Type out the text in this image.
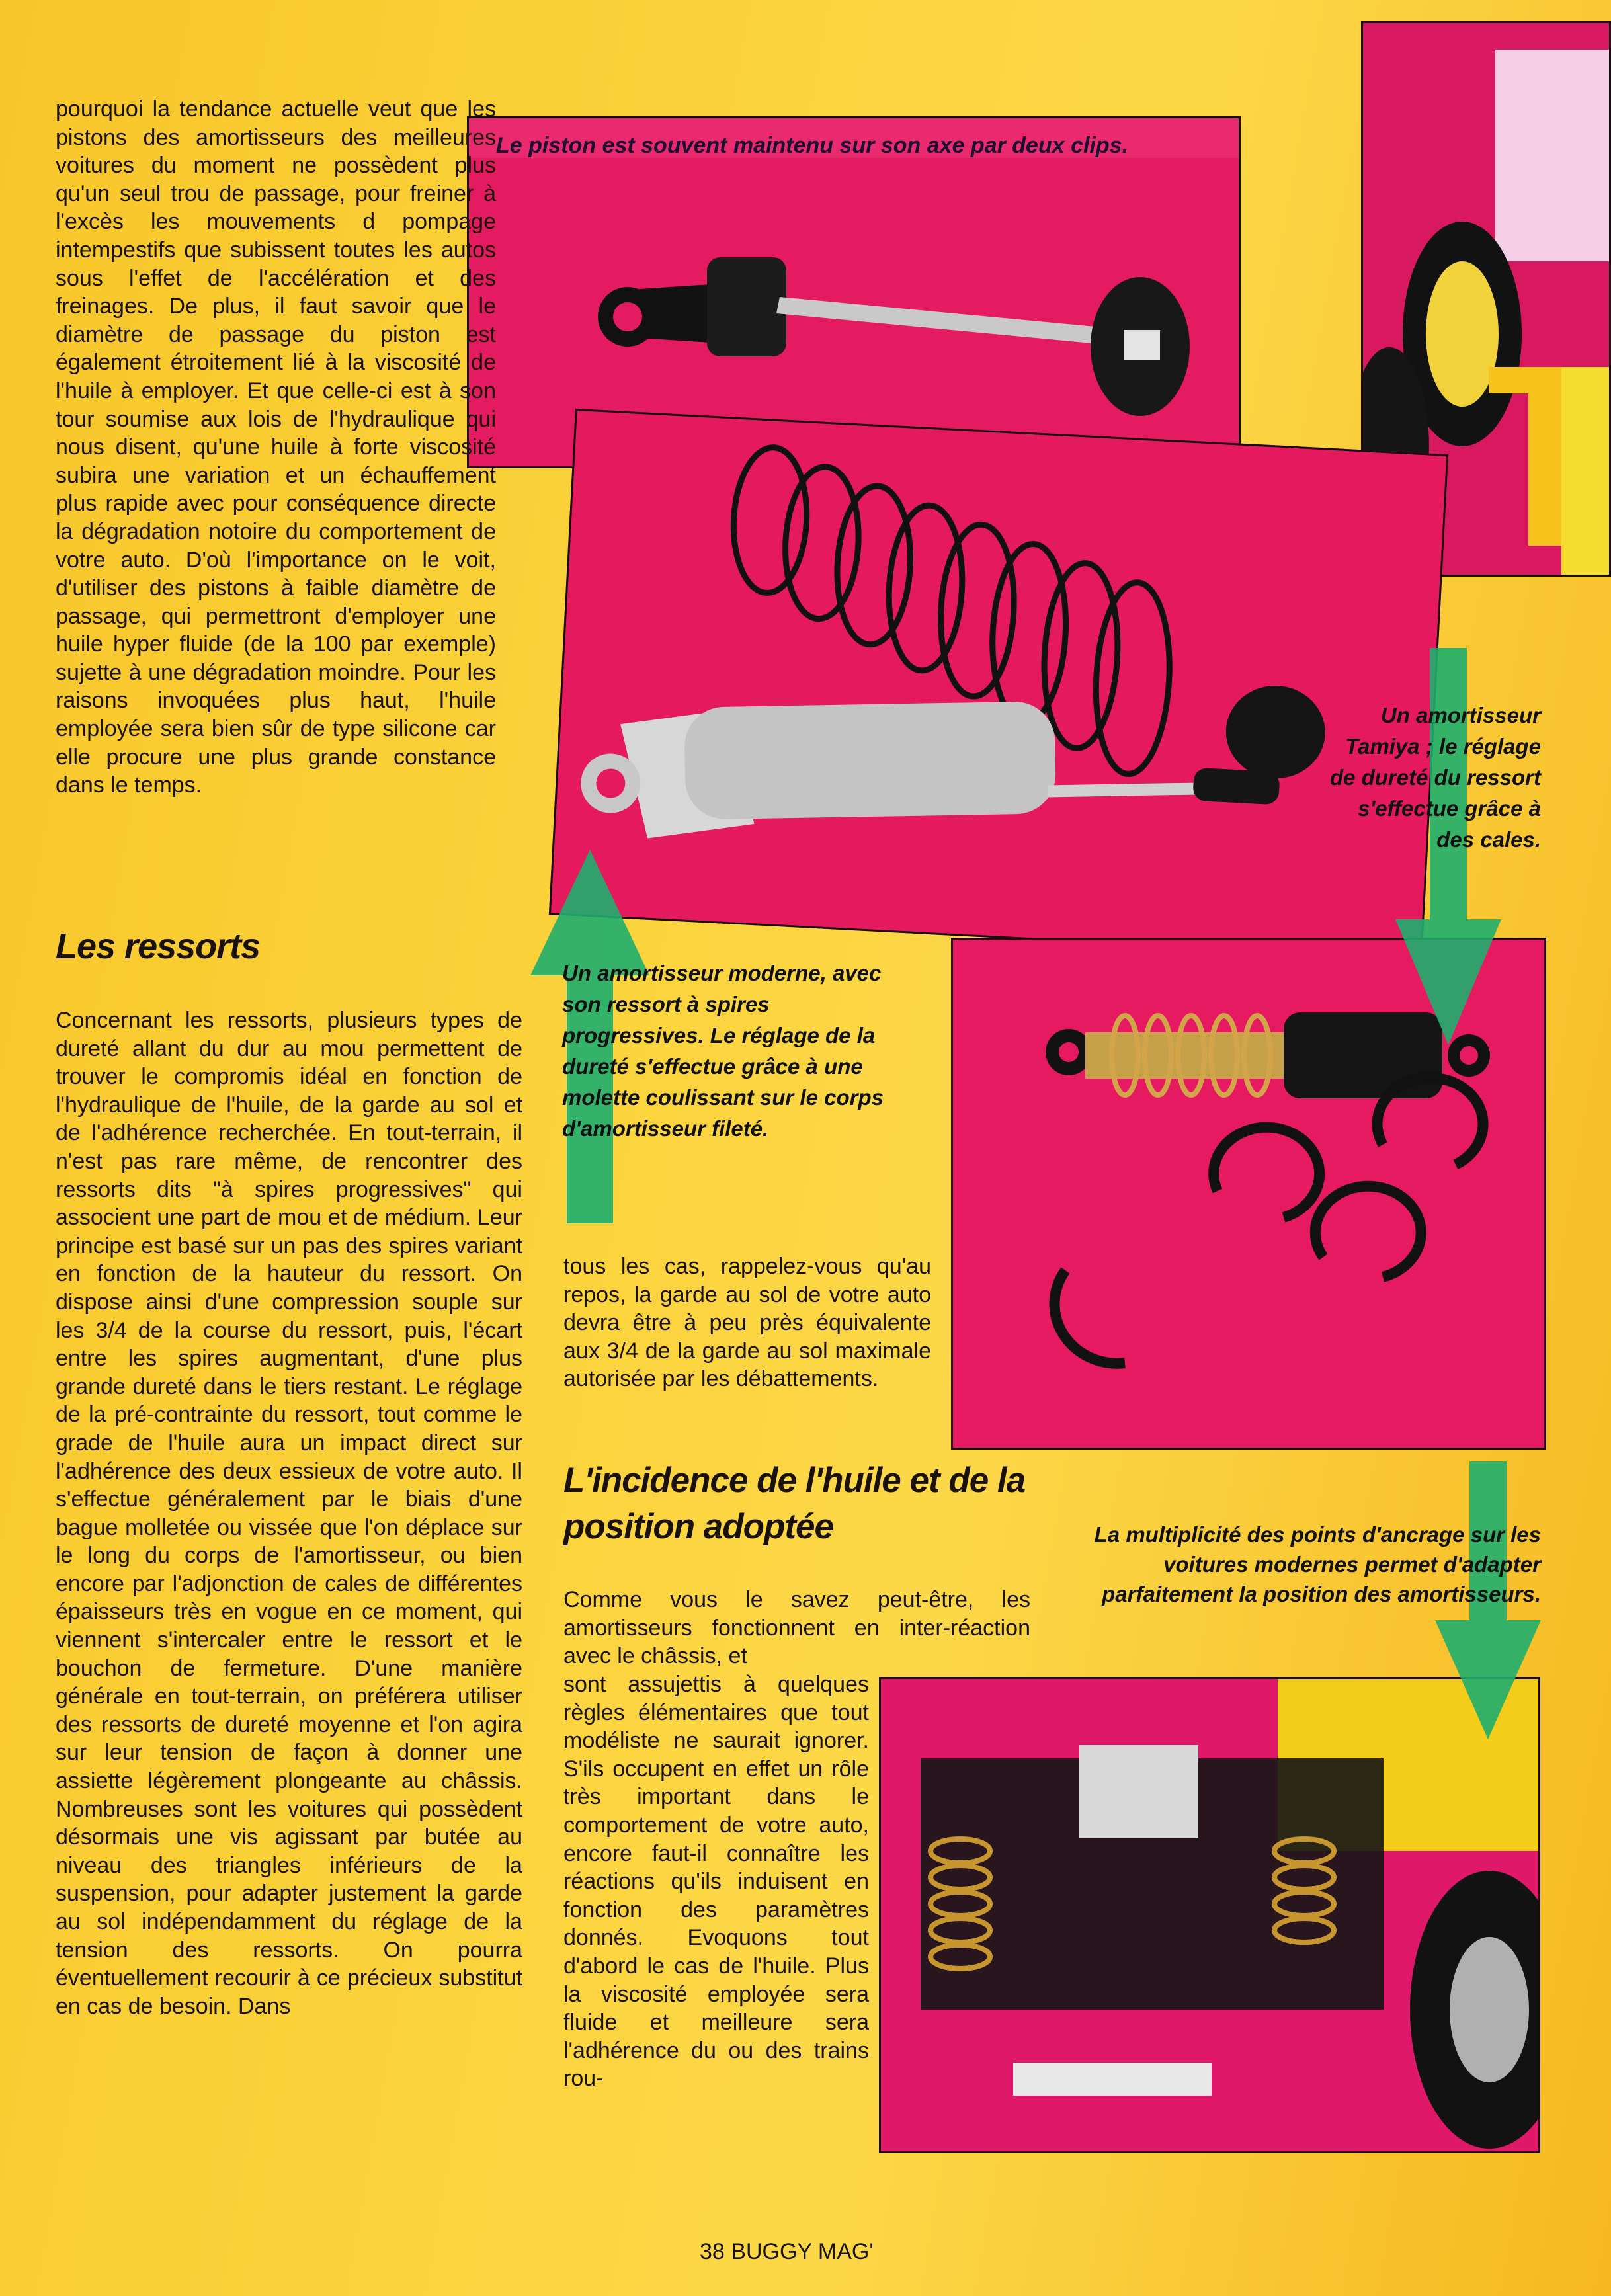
Le piston est souvent maintenu sur son axe par deux clips.
Un amortisseur moderne, avec son ressort à spires progressives. Le réglage de la dureté s'effectue grâce à une molette coulissant sur le corps d'amortisseur fileté.
Un amortisseur Tamiya ; le réglage de dureté du ressort s'effectue grâce à des cales.
La multiplicité des points d'ancrage sur les voitures modernes permet d'adapter parfaitement la position des amortisseurs.

pourquoi la tendance actuelle veut que les pistons des amortisseurs des meilleures voitures du moment ne possèdent plus qu'un seul trou de passage, pour freiner à l'excès les mouvements d pompage intempestifs que subissent toutes les autos sous l'effet de l'accélération et des freinages. De plus, il faut savoir que le diamètre de passage du piston est également étroitement lié à la viscosité de l'huile à employer. Et que celle-ci est à son tour soumise aux lois de l'hydraulique qui nous disent, qu'une huile à forte viscosité subira une variation et un échauffement plus rapide avec pour conséquence directe la dégradation notoire du comportement de votre auto. D'où l'importance on le voit, d'utiliser des pistons à faible diamètre de passage, qui permettront d'employer une huile hyper fluide (de la 100 par exemple) sujette à une dégradation moindre. Pour les raisons invoquées plus haut, l'huile employée sera bien sûr de type silicone car elle procure une plus grande constance dans le temps.

Les ressorts
Concernant les ressorts, plusieurs types de dureté allant du dur au mou permettent de trouver le compromis idéal en fonction de l'hydraulique de l'huile, de la garde au sol et de l'adhérence recherchée. En tout-terrain, il n'est pas rare même, de rencontrer des ressorts dits "à spires progressives" qui associent une part de mou et de médium. Leur principe est basé sur un pas des spires variant en fonction de la hauteur du ressort. On dispose ainsi d'une compression souple sur les 3/4 de la course du ressort, puis, l'écart entre les spires augmentant, d'une plus grande dureté dans le tiers restant. Le réglage de la pré-contrainte du ressort, tout comme le grade de l'huile aura un impact direct sur l'adhérence des deux essieux de votre auto. Il s'effectue généralement par le biais d'une bague molletée ou vissée que l'on déplace sur le long du corps de l'amortisseur, ou bien encore par l'adjonction de cales de différentes épaisseurs très en vogue en ce moment, qui viennent s'intercaler entre le ressort et le bouchon de fermeture. D'une manière générale en tout-terrain, on préférera utiliser des ressorts de dureté moyenne et l'on agira sur leur tension de façon à donner une assiette légèrement plongeante au châssis. Nombreuses sont les voitures qui possèdent désormais une vis agissant par butée au niveau des triangles inférieurs de la suspension, pour adapter justement la garde au sol indépendamment du réglage de la tension des ressorts. On pourra éventuellement recourir à ce précieux substitut en cas de besoin. Dans
tous les cas, rappelez-vous qu'au repos, la garde au sol de votre auto devra être à peu près équivalente aux 3/4 de la garde au sol maximale autorisée par les débattements.
L'incidence de l'huile et de la position adoptée
Comme vous le savez peut-être, les amortisseurs fonctionnent en inter-réaction avec le châssis, et
sont assujettis à quelques règles élémentaires que tout modéliste ne saurait ignorer. S'ils occupent en effet un rôle très important dans le comportement de votre auto, encore faut-il connaître les réactions qu'ils induisent en fonction des paramètres donnés. Evoquons tout d'abord le cas de l'huile. Plus la viscosité employée sera fluide et meilleure sera l'adhérence du ou des trains rou-
38 BUGGY MAG'
